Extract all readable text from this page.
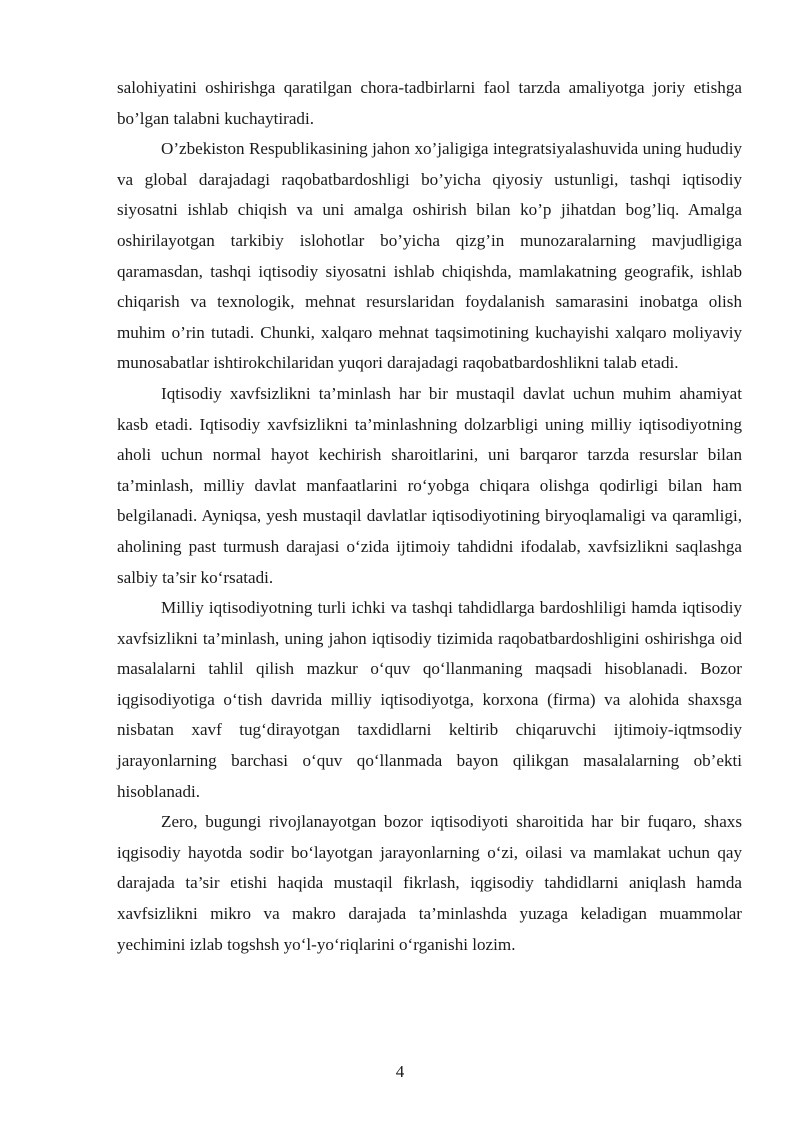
salohiyatini oshirishga qaratilgan chora-tadbirlarni faol tarzda amaliyotga joriy etishga bo’lgan talabni kuchaytiradi.

O’zbekiston Respublikasining jahon xo’jaligiga integratsiyalashuvida uning hududiy va global darajadagi raqobatbardoshligi bo’yicha qiyosiy ustunligi, tashqi iqtisodiy siyosatni ishlab chiqish va uni amalga oshirish bilan ko’p jihatdan bog’liq. Amalga oshirilayotgan tarkibiy islohotlar bo’yicha qizg’in munozaralarning mavjudligiga qaramasdan, tashqi iqtisodiy siyosatni ishlab chiqishda, mamlakatning geografik, ishlab chiqarish va texnologik, mehnat resurslaridan foydalanish samarasini inobatga olish muhim o’rin tutadi. Chunki, xalqaro mehnat taqsimotining kuchayishi xalqaro moliyaviy munosabatlar ishtirokchilaridan yuqori darajadagi raqobatbardoshlikni talab etadi.

Iqtisodiy xavfsizlikni ta’minlash har bir mustaqil davlat uchun muhim ahamiyat kasb etadi. Iqtisodiy xavfsizlikni ta’minlashning dolzarbligi uning milliy iqtisodiyotning aholi uchun normal hayot kechirish sharoitlarini, uni barqaror tarzda resurslar bilan ta’minlash, milliy davlat manfaatlarini ro‘yobga chiqara olishga qodirligi bilan ham belgilanadi. Ayniqsa, yesh mustaqil davlatlar iqtisodiyotining biryoqlamaligi va qaramligi, aholining past turmush darajasi o‘zida ijtimoiy tahdidni ifodalab, xavfsizlikni saqlashga salbiy ta’sir ko‘rsatadi.

Milliy iqtisodiyotning turli ichki va tashqi tahdidlarga bardoshliligi hamda iqtisodiy xavfsizlikni ta’minlash, uning jahon iqtisodiy tizimida raqobatbardoshligini oshirishga oid masalalarni tahlil qilish mazkur o‘quv qo‘llanmaning maqsadi hisoblanadi. Bozor iqgisodiyotiga o‘tish davrida milliy iqtisodiyotga, korxona (firma) va alohida shaxsga nisbatan xavf tug‘dirayotgan taxdidlarni keltirib chiqaruvchi ijtimoiy-iqtmsodiy jarayonlarning barchasi o‘quv qo‘llanmada bayon qilikgan masalalarning ob’ekti hisoblanadi.

Zero, bugungi rivojlanayotgan bozor iqtisodiyoti sharoitida har bir fuqaro, shaxs iqgisodiy hayotda sodir bo‘layotgan jarayonlarning o‘zi, oilasi va mamlakat uchun qay darajada ta’sir etishi haqida mustaqil fikrlash, iqgisodiy tahdidlarni aniqlash hamda xavfsizlikni mikro va makro darajada ta’minlashda yuzaga keladigan muammolar yechimini izlab togshsh yo‘l-yo‘riqlarini o‘rganishi lozim.

4
